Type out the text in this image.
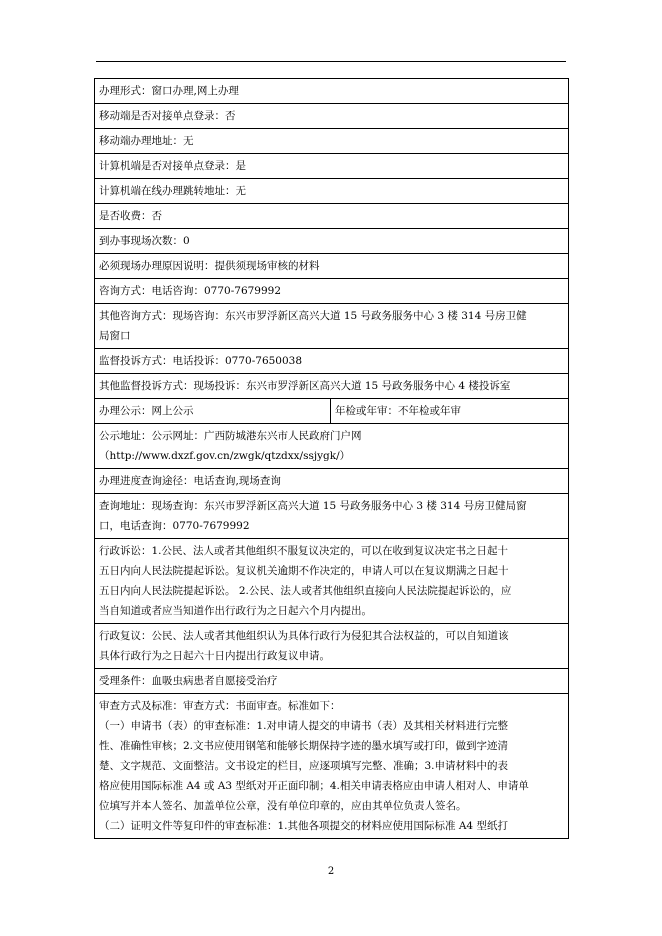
办理形式：窗口办理,网上办理
移动端是否对接单点登录：否
移动端办理地址：无
计算机端是否对接单点登录：是
计算机端在线办理跳转地址：无
是否收费：否
到办事现场次数：0
必须现场办理原因说明：提供须现场审核的材料
咨询方式：电话咨询：0770-7679992

其他咨询方式：现场咨询：东兴市罗浮新区高兴大道 15 号政务服务中心 3 楼 314 号房卫健
局窗口

监督投诉方式：电话投诉：0770-7650038
其他监督投诉方式：现场投诉：东兴市罗浮新区高兴大道 15 号政务服务中心 4 楼投诉室
办理公示：网上公示	年检或年审：不年检或年审

公示地址：公示网址：广西防城港东兴市人民政府门户网
（http://www.dxzf.gov.cn/zwgk/qtzdxx/ssjygk/）

办理进度查询途径：电话查询,现场查询

查询地址：现场查询：东兴市罗浮新区高兴大道 15 号政务服务中心 3 楼 314 号房卫健局窗
口，电话查询：0770-7679992

行政诉讼：1.公民、法人或者其他组织不服复议决定的，可以在收到复议决定书之日起十
五日内向人民法院提起诉讼。复议机关逾期不作决定的，申请人可以在复议期满之日起十
五日内向人民法院提起诉讼。 2.公民、法人或者其他组织直接向人民法院提起诉讼的，应
当自知道或者应当知道作出行政行为之日起六个月内提出。

行政复议：公民、法人或者其他组织认为具体行政行为侵犯其合法权益的，可以自知道该
具体行政行为之日起六十日内提出行政复议申请。

受理条件：血吸虫病患者自愿接受治疗

审查方式及标准：审查方式：书面审查。标准如下：
（一）申请书（表）的审查标准：1.对申请人提交的申请书（表）及其相关材料进行完整
性、准确性审核；2.文书应使用钢笔和能够长期保持字迹的墨水填写或打印，做到字迹清
楚、文字规范、文面整洁。文书设定的栏目，应逐项填写完整、准确；3.申请材料中的表
格应使用国际标准 A4 或 A3 型纸对开正面印制；4.相关申请表格应由申请人相对人、申请单
位填写并本人签名、加盖单位公章，没有单位印章的，应由其单位负责人签名。
（二）证明文件等复印件的审查标准：1.其他各项提交的材料应使用国际标准 A4 型纸打
2
